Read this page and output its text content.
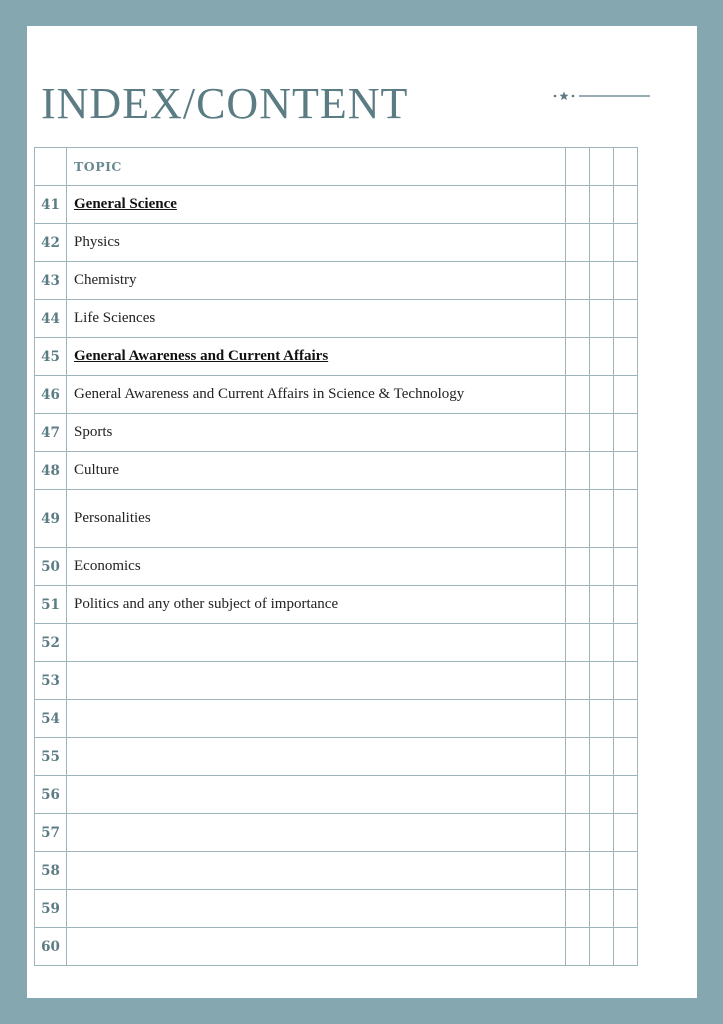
INDEX/CONTENT
	TOPIC			
41	General Science			
42	Physics			
43	Chemistry			
44	Life Sciences			
45	General Awareness and Current Affairs			
46	General Awareness and Current Affairs in Science & Technology			
47	Sports			
48	Culture			
49	Personalities			
50	Economics			
51	Politics and any other subject of importance			
52				
53				
54				
55				
56				
57				
58				
59				
60				
